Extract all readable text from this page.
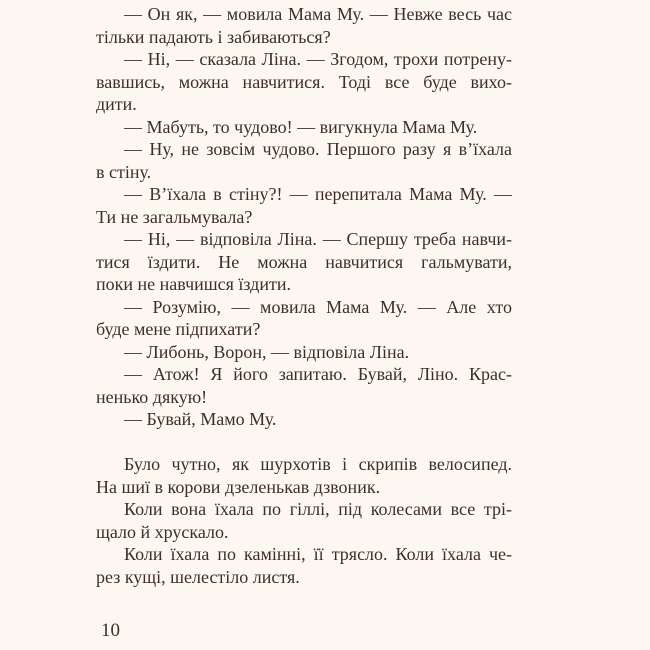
— Он як, — мовила Мама Му. — Невже весь час
тільки падають і забиваються?
— Ні, — сказала Ліна. — Згодом, трохи потрену-
вавшись, можна навчитися. Тоді все буде вихо-
дити.
— Мабуть, то чудово! — вигукнула Мама Му.
— Ну, не зовсім чудово. Першого разу я в’їхала
в стіну.
— В’їхала в стіну?! — перепитала Мама Му. —
Ти не загальмувала?
— Ні, — відповіла Ліна. — Спершу треба навчи-
тися їздити. Не можна навчитися гальмувати,
поки не навчишся їздити.
— Розумію, — мовила Мама Му. — Але хто
буде мене підпихати?
— Либонь, Ворон, — відповіла Ліна.
— Атож! Я його запитаю. Бувай, Ліно. Крас-
ненько дякую!
— Бувай, Мамо Му.
Було чутно, як шурхотів і скрипів велосипед.
На шиї в корови дзеленькав дзвоник.
Коли вона їхала по гіллі, під колесами все трі-
щало й хрускало.
Коли їхала по камінні, її трясло. Коли їхала че-
рез кущі, шелестіло листя.
10
